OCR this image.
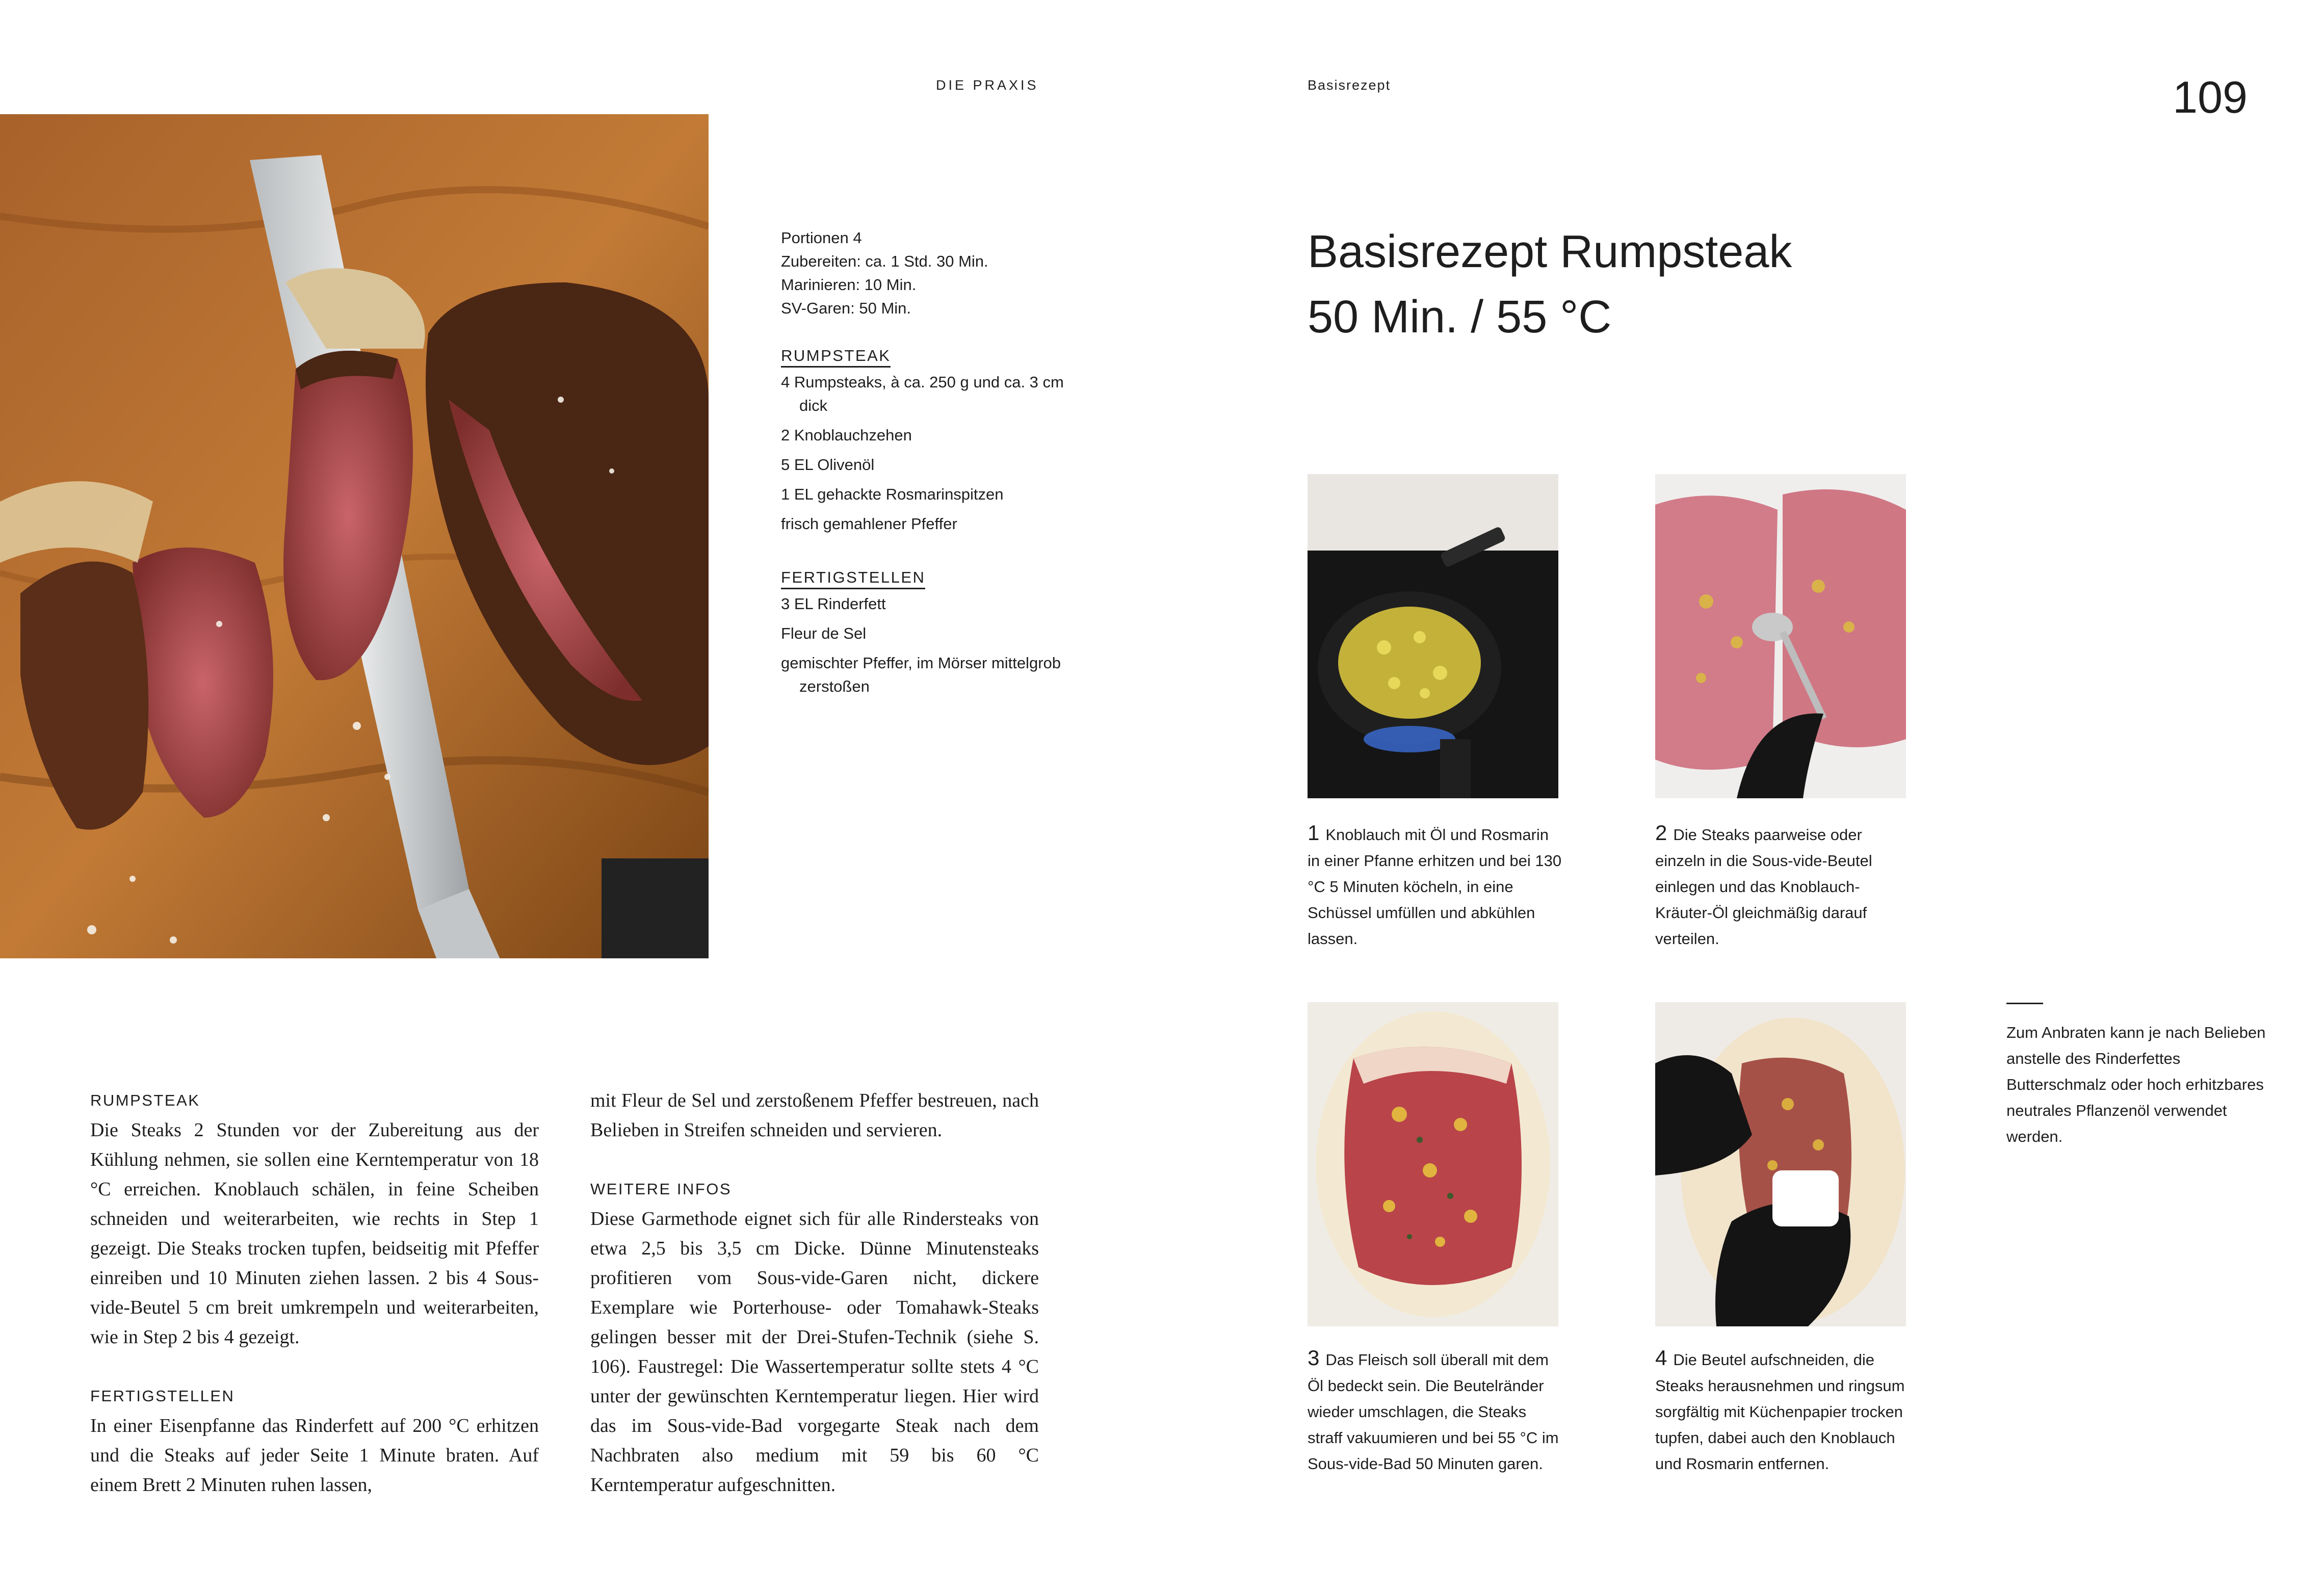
DIE PRAXIS	Basisrezept	109
Portionen 4
Zubereiten: ca. 1 Std. 30 Min.
Marinieren: 10 Min.
SV-Garen: 50 Min.
RUMPSTEAK
4 Rumpsteaks, à ca. 250 g und ca. 3 cm dick
2 Knoblauchzehen
5 EL Olivenöl
1 EL gehackte Rosmarinspitzen
frisch gemahlener Pfeffer
FERTIGSTELLEN
3 EL Rinderfett
Fleur de Sel
gemischter Pfeffer, im Mörser mittelgrob zerstoßen
Basisrezept Rumpsteak
50 Min. / 55 °C
RUMPSTEAK

Die Steaks 2 Stunden vor der Zubereitung aus der Kühlung nehmen, sie sollen eine Kerntemperatur von 18 °C erreichen. Knoblauch schälen, in feine Scheiben schneiden und weiterarbeiten, wie rechts in Step 1 gezeigt. Die Steaks trocken tupfen, beidseitig mit Pfeffer einreiben und 10 Minuten ziehen lassen. 2 bis 4 Sous-vide-Beutel 5 cm breit umkrempeln und weiterarbeiten, wie in Step 2 bis 4 gezeigt.

FERTIGSTELLEN

In einer Eisenpfanne das Rinderfett auf 200 °C erhitzen und die Steaks auf jeder Seite 1 Minute braten. Auf einem Brett 2 Minuten ruhen lassen,

mit Fleur de Sel und zerstoßenem Pfeffer bestreuen, nach Belieben in Streifen schneiden und servieren.

WEITERE INFOS

Diese Garmethode eignet sich für alle Rindersteaks von etwa 2,5 bis 3,5 cm Dicke. Dünne Minutensteaks profitieren vom Sous-vide-Garen nicht, dickere Exemplare wie Porterhouse- oder Tomahawk-Steaks gelingen besser mit der Drei-Stufen-Technik (siehe S. 106). Faustregel: Die Wassertemperatur sollte stets 4 °C unter der gewünschten Kerntemperatur liegen. Hier wird das im Sous-vide-Bad vorgegarte Steak nach dem Nachbraten also medium mit 59 bis 60 °C Kerntemperatur aufgeschnitten.

1 Knoblauch mit Öl und Rosmarin in einer Pfanne erhitzen und bei 130 °C 5 Minuten köcheln, in eine Schüssel umfüllen und abkühlen lassen.
2 Die Steaks paarweise oder einzeln in die Sous-vide-Beutel einlegen und das Knoblauch-Kräuter-Öl gleichmäßig darauf verteilen.
3 Das Fleisch soll überall mit dem Öl bedeckt sein. Die Beutelränder wieder umschlagen, die Steaks straff vakuumieren und bei 55 °C im Sous-vide-Bad 50 Minuten garen.
4 Die Beutel aufschneiden, die Steaks herausnehmen und ringsum sorgfältig mit Küchenpapier trocken tupfen, dabei auch den Knoblauch und Rosmarin entfernen.
Zum Anbraten kann je nach Belieben anstelle des Rinderfettes Butterschmalz oder hoch erhitzbares neutrales Pflanzenöl verwendet werden.
